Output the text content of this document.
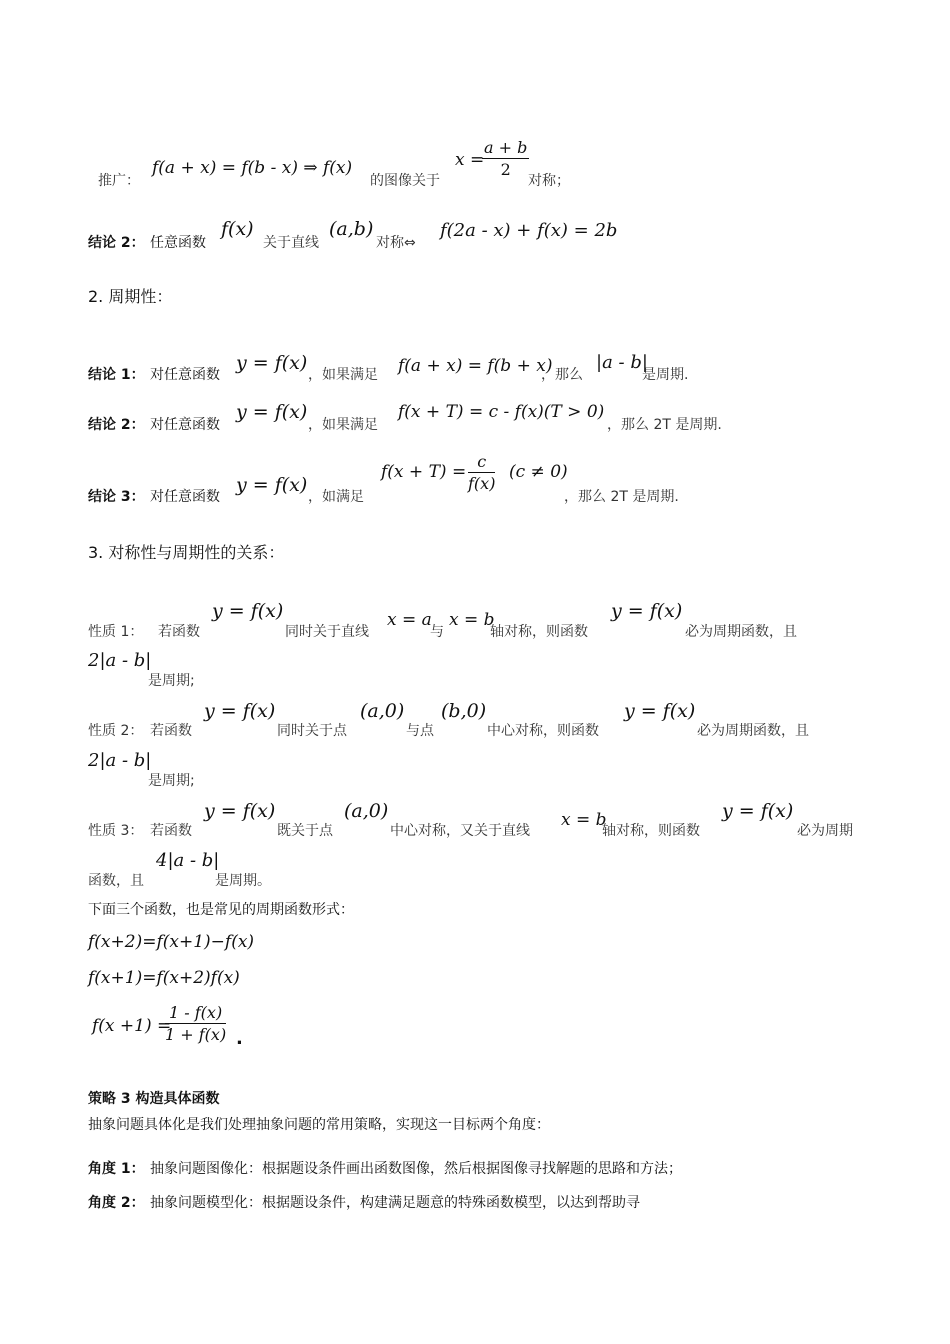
推广：
f(a + x) = f(b - x) ⇒ f(x)
的图像关于
x =
$\frac{a + b}{2}$
对称；
结论 2： 任意函数
f(x)
关于直线
(a,b)
对称⇔
f(2a - x) + f(x) = 2b
2. 周期性：
结论 1： 对任意函数
y = f(x)
，如果满足 f(a + x) = f(b + x)
，那么
|a - b|
是周期.
结论 2： 对任意函数
y = f(x)
，如果满足
f(x + T) = c - f(x)(T > 0)
，那么 2T 是周期.
结论 3： 对任意函数
y = f(x)
，如满足
$f(x + T) = \frac{c}{f(x)} (c \ne 0)$
，那么 2T 是周期.
3. 对称性与周期性的关系：
性质 1： 若函数
y = f(x)
同时关于直线
x = a
与
x = b
轴对称，则函数
y = f(x)
必为周期函数，且
2|a - b|
是周期;
性质 2： 若函数
y = f(x)
同时关于点
(a,0)
与点
(b,0)
中心对称，则函数
y = f(x)
必为周期函数，且
2|a - b|
是周期;
性质 3： 若函数
y = f(x)
既关于点
(a,0)
中心对称，又关于直线
x = b
轴对称，则函数
y = f(x)
必为周期
函数，且
4|a - b|
是周期。
下面三个函数，也是常见的周期函数形式：
f(x+2)=f(x+1)−f(x)
f(x+1)=f(x+2)f(x)
f(x +1) =
$\frac{1 - f(x)}{1 + f(x)}$ .
策略 3 构造具体函数
抽象问题具体化是我们处理抽象问题的常用策略，实现这一目标两个角度：
角度 1： 抽象问题图像化：根据题设条件画出函数图像，然后根据图像寻找解题的思路和方法；
角度 2： 抽象问题模型化：根据题设条件，构建满足题意的特殊函数模型，以达到帮助寻
